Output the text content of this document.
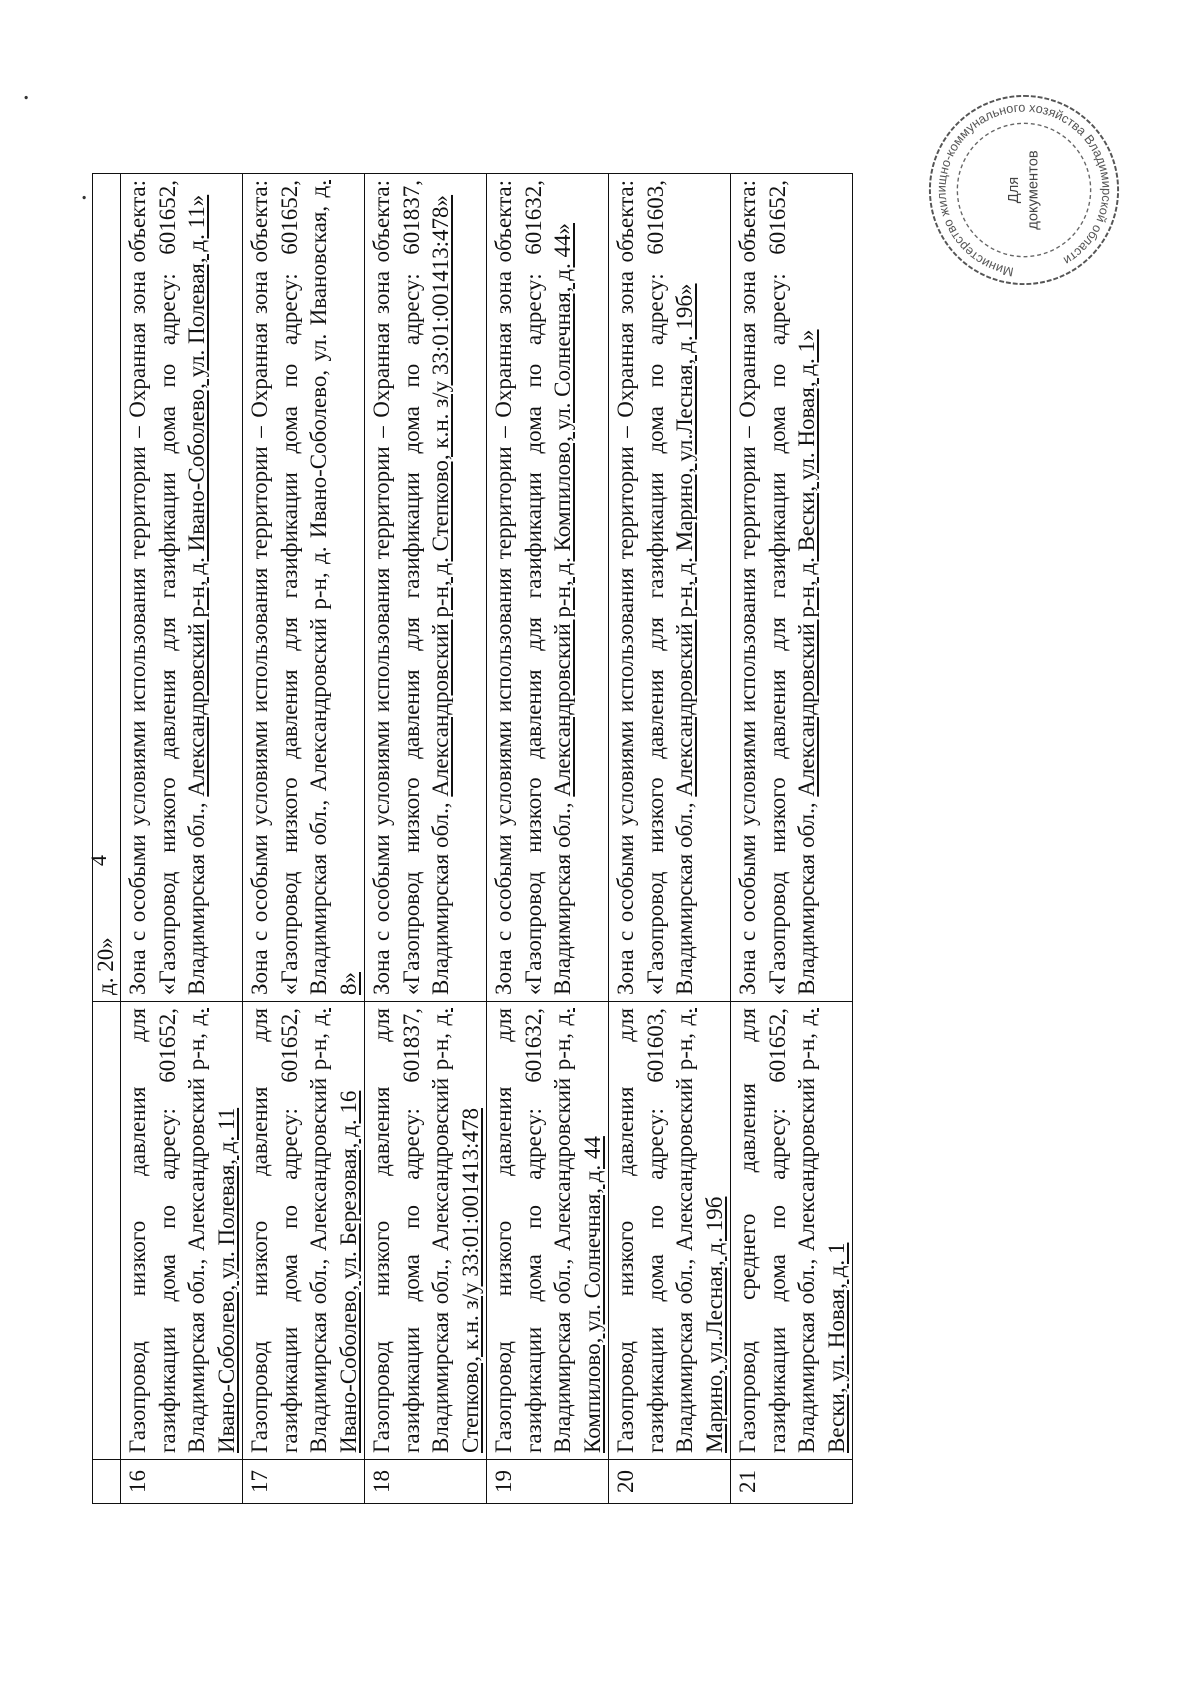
•
•
4
		д. 20»
16	Газопровод низкого давления для газификации дома по адресу: 601652, Владимирская обл., Александровский р-н, д. Ивано-Соболево, ул. Полевая, д. 11	Зона с особыми условиями использования территории – Охранная зона объекта: «Газопровод низкого давления для газификации дома по адресу: 601652, Владимирская обл., Александровский р-н, д. Ивано-Соболево, ул. Полевая, д. 11»
17	Газопровод низкого давления для газификации дома по адресу: 601652, Владимирская обл., Александровский р-н, д. Ивано-Соболево, ул. Березовая, д. 16	Зона с особыми условиями использования территории – Охранная зона объекта: «Газопровод низкого давления для газификации дома по адресу: 601652, Владимирская обл., Александровский р-н, д. Ивано-Соболево, ул. Ивановская, д. 8»
18	Газопровод низкого давления для газификации дома по адресу: 601837, Владимирская обл., Александровский р-н, д. Степково, к.н. з/у 33:01:001413:478	Зона с особыми условиями использования территории – Охранная зона объекта: «Газопровод низкого давления для газификации дома по адресу: 601837, Владимирская обл., Александровский р-н, д. Степково, к.н. з/у 33:01:001413:478»
19	Газопровод низкого давления для газификации дома по адресу: 601632, Владимирская обл., Александровский р-н, д. Компилово, ул. Солнечная, д. 44	Зона с особыми условиями использования территории – Охранная зона объекта: «Газопровод низкого давления для газификации дома по адресу: 601632, Владимирская обл., Александровский р-н, д. Компилово, ул. Солнечная, д. 44»
20	Газопровод низкого давления для газификации дома по адресу: 601603, Владимирская обл., Александровский р-н, д. Марино, ул.Лесная, д. 19б	Зона с особыми условиями использования территории – Охранная зона объекта: «Газопровод низкого давления для газификации дома по адресу: 601603, Владимирская обл., Александровский р-н, д. Марино, ул.Лесная, д. 19б»
21	Газопровод среднего давления для газификации дома по адресу: 601652, Владимирская обл., Александровский р-н, д. Вески, ул. Новая, д. 1	Зона с особыми условиями использования территории – Охранная зона объекта: «Газопровод низкого давления для газификации дома по адресу: 601652, Владимирская обл., Александровский р-н, д. Вески, ул. Новая, д. 1»
Министерство жилищно-коммунального хозяйства Владимирской области
Для документов
